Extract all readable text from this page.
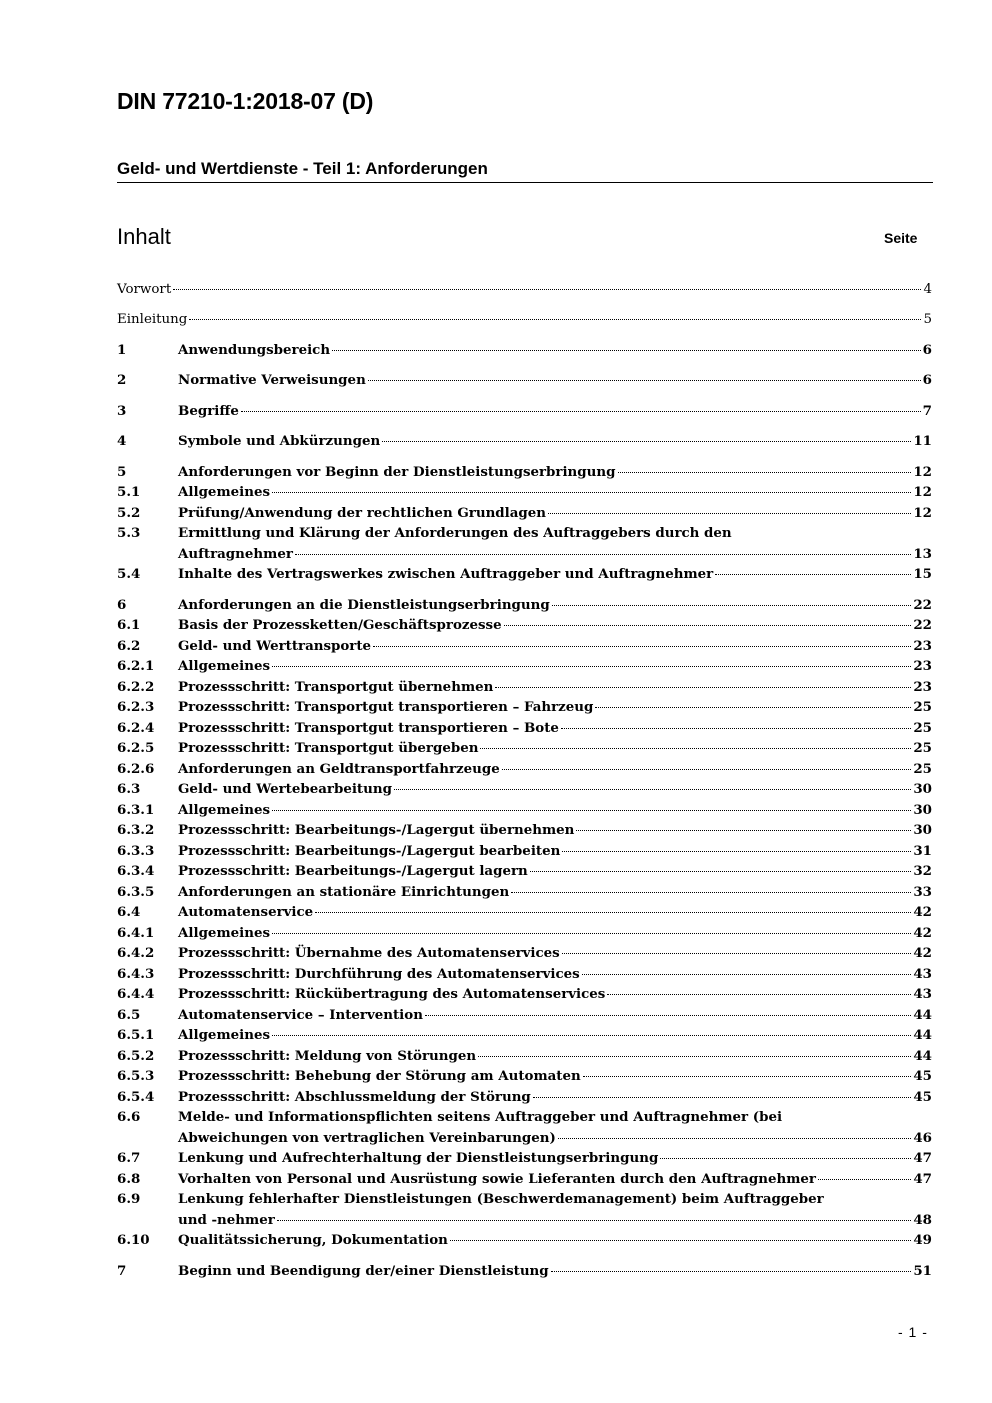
DIN 77210-1:2018-07 (D)
Geld- und Wertdienste - Teil 1: Anforderungen
Inhalt	Seite
Vorwort	4
Einleitung	5
1	Anwendungsbereich	6
2	Normative Verweisungen	6
3	Begriffe	7
4	Symbole und Abkürzungen	11
5	Anforderungen vor Beginn der Dienstleistungserbringung	12
5.1	Allgemeines	12
5.2	Prüfung/Anwendung der rechtlichen Grundlagen	12
5.3	Ermittlung und Klärung der Anforderungen des Auftraggebers durch den
Auftragnehmer	13
5.4	Inhalte des Vertragswerkes zwischen Auftraggeber und Auftragnehmer	15
6	Anforderungen an die Dienstleistungserbringung	22
6.1	Basis der Prozessketten/Geschäftsprozesse	22
6.2	Geld- und Werttransporte	23
6.2.1	Allgemeines	23
6.2.2	Prozessschritt: Transportgut übernehmen	23
6.2.3	Prozessschritt: Transportgut transportieren – Fahrzeug	25
6.2.4	Prozessschritt: Transportgut transportieren – Bote	25
6.2.5	Prozessschritt: Transportgut übergeben	25
6.2.6	Anforderungen an Geldtransportfahrzeuge	25
6.3	Geld- und Wertebearbeitung	30
6.3.1	Allgemeines	30
6.3.2	Prozessschritt: Bearbeitungs-/Lagergut übernehmen	30
6.3.3	Prozessschritt: Bearbeitungs-/Lagergut bearbeiten	31
6.3.4	Prozessschritt: Bearbeitungs-/Lagergut lagern	32
6.3.5	Anforderungen an stationäre Einrichtungen	33
6.4	Automatenservice	42
6.4.1	Allgemeines	42
6.4.2	Prozessschritt: Übernahme des Automatenservices	42
6.4.3	Prozessschritt: Durchführung des Automatenservices	43
6.4.4	Prozessschritt: Rückübertragung des Automatenservices	43
6.5	Automatenservice – Intervention	44
6.5.1	Allgemeines	44
6.5.2	Prozessschritt: Meldung von Störungen	44
6.5.3	Prozessschritt: Behebung der Störung am Automaten	45
6.5.4	Prozessschritt: Abschlussmeldung der Störung	45
6.6	Melde- und Informationspflichten seitens Auftraggeber und Auftragnehmer (bei
Abweichungen von vertraglichen Vereinbarungen)	46
6.7	Lenkung und Aufrechterhaltung der Dienstleistungserbringung	47
6.8	Vorhalten von Personal und Ausrüstung sowie Lieferanten durch den Auftragnehmer	47
6.9	Lenkung fehlerhafter Dienstleistungen (Beschwerdemanagement) beim Auftraggeber
und -nehmer	48
6.10	Qualitätssicherung, Dokumentation	49
7	Beginn und Beendigung der/einer Dienstleistung	51
- 1 -
